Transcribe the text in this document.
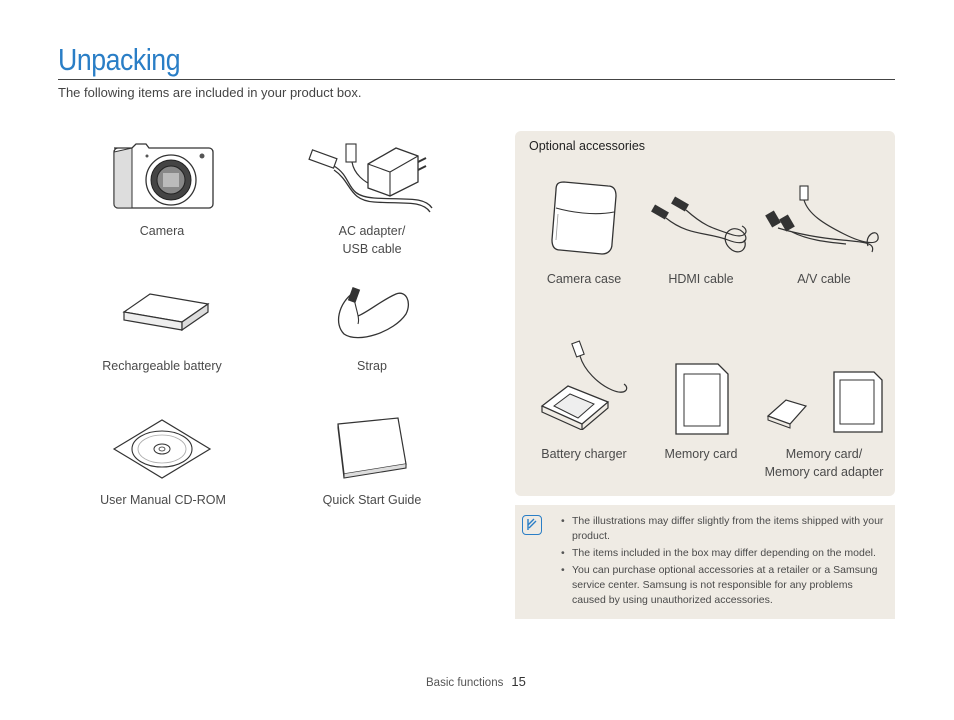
Unpacking
The following items are included in your product box.
Camera	AC adapter/
USB cable
Rechargeable battery	Strap
User Manual CD-ROM	Quick Start Guide
Optional accessories
Camera case	HDMI cable	A/V cable
Battery charger	Memory card	Memory card/
Memory card adapter
• The illustrations may differ slightly from the items shipped with your product.
• The items included in the box may differ depending on the model.
• You can purchase optional accessories at a retailer or a Samsung service center. Samsung is not responsible for any problems caused by using unauthorized accessories.
Basic functions 15
